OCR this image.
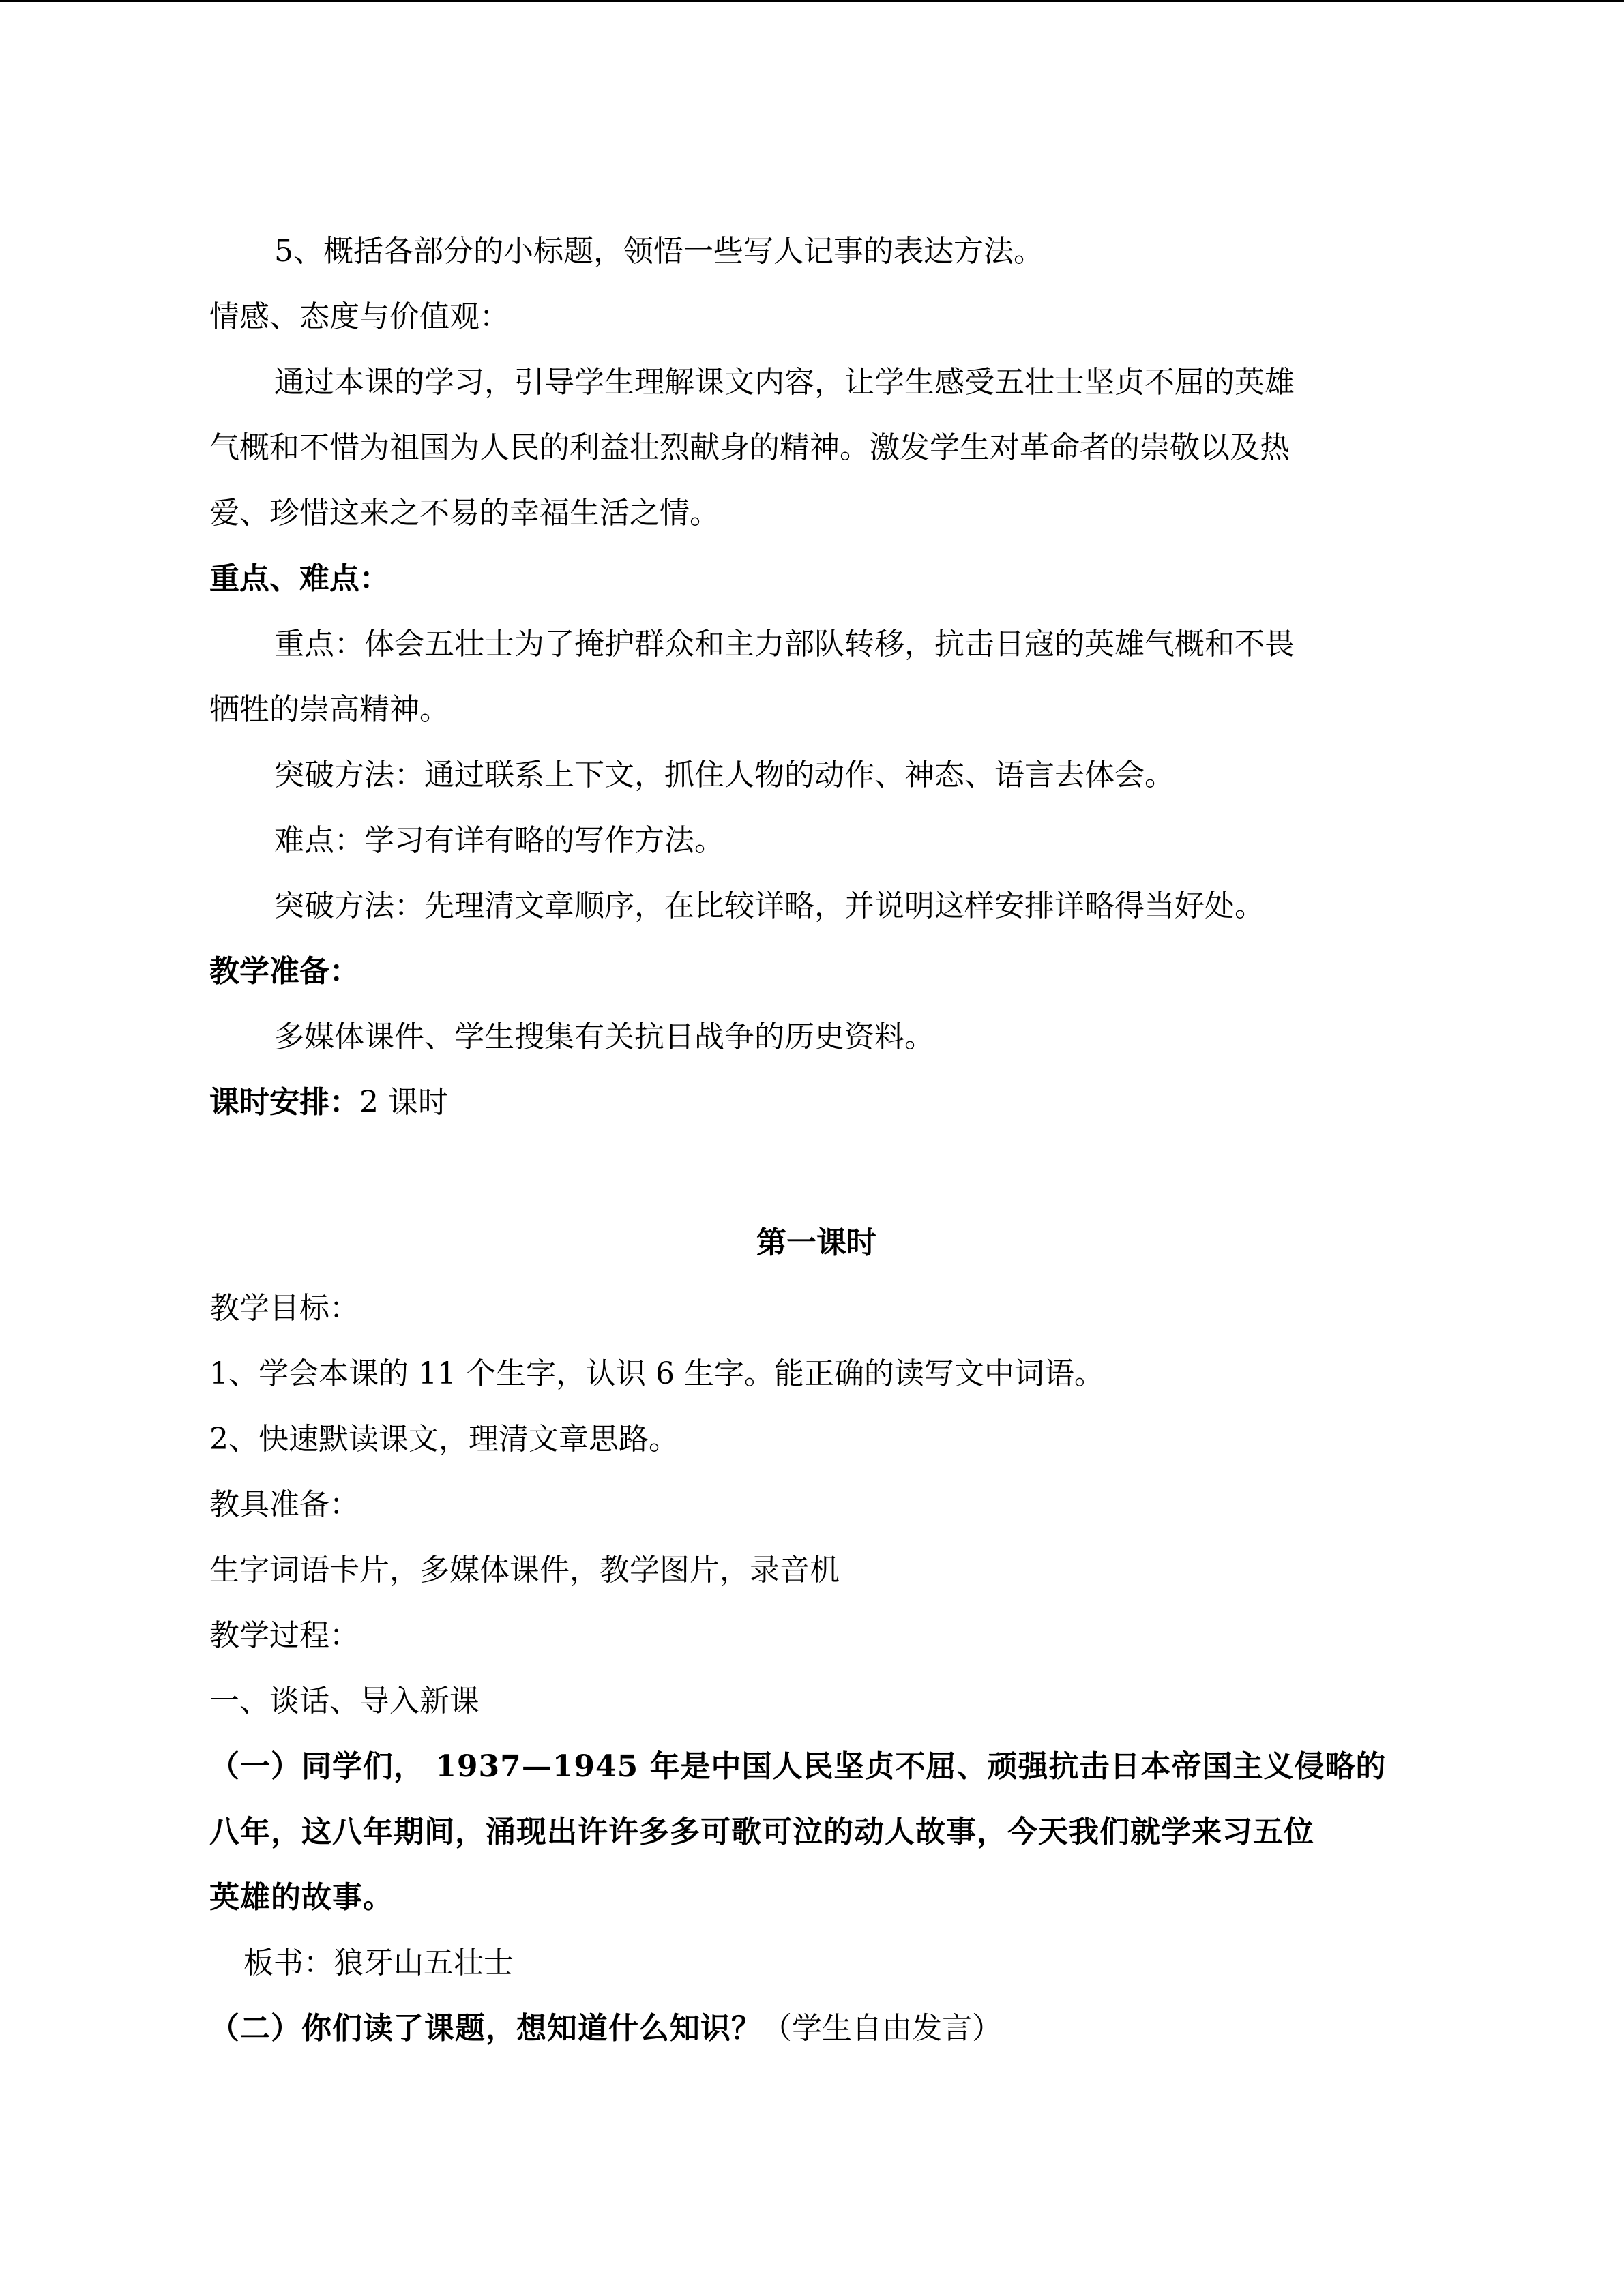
5、概括各部分的小标题，领悟一些写人记事的表达方法。
情感、态度与价值观：
通过本课的学习，引导学生理解课文内容，让学生感受五壮士坚贞不屈的英雄
气概和不惜为祖国为人民的利益壮烈献身的精神。激发学生对革命者的崇敬以及热
爱、珍惜这来之不易的幸福生活之情。
重点、难点：
重点：体会五壮士为了掩护群众和主力部队转移，抗击日寇的英雄气概和不畏
牺牲的崇高精神。
突破方法：通过联系上下文，抓住人物的动作、神态、语言去体会。
难点：学习有详有略的写作方法。
突破方法：先理清文章顺序，在比较详略，并说明这样安排详略得当好处。
教学准备：
多媒体课件、学生搜集有关抗日战争的历史资料。
课时安排：2 课时
第一课时
教学目标：
1、学会本课的 11 个生字，认识 6 生字。能正确的读写文中词语。
2、快速默读课文，理清文章思路。
教具准备：
生字词语卡片，多媒体课件，教学图片，录音机
教学过程：
一、谈话、导入新课
（一）同学们， 1937—1945 年是中国人民坚贞不屈、顽强抗击日本帝国主义侵略的
八年，这八年期间，涌现出许许多多可歌可泣的动人故事，今天我们就学来习五位
英雄的故事。
板书：狼牙山五壮士
（二）你们读了课题，想知道什么知识？（学生自由发言）
